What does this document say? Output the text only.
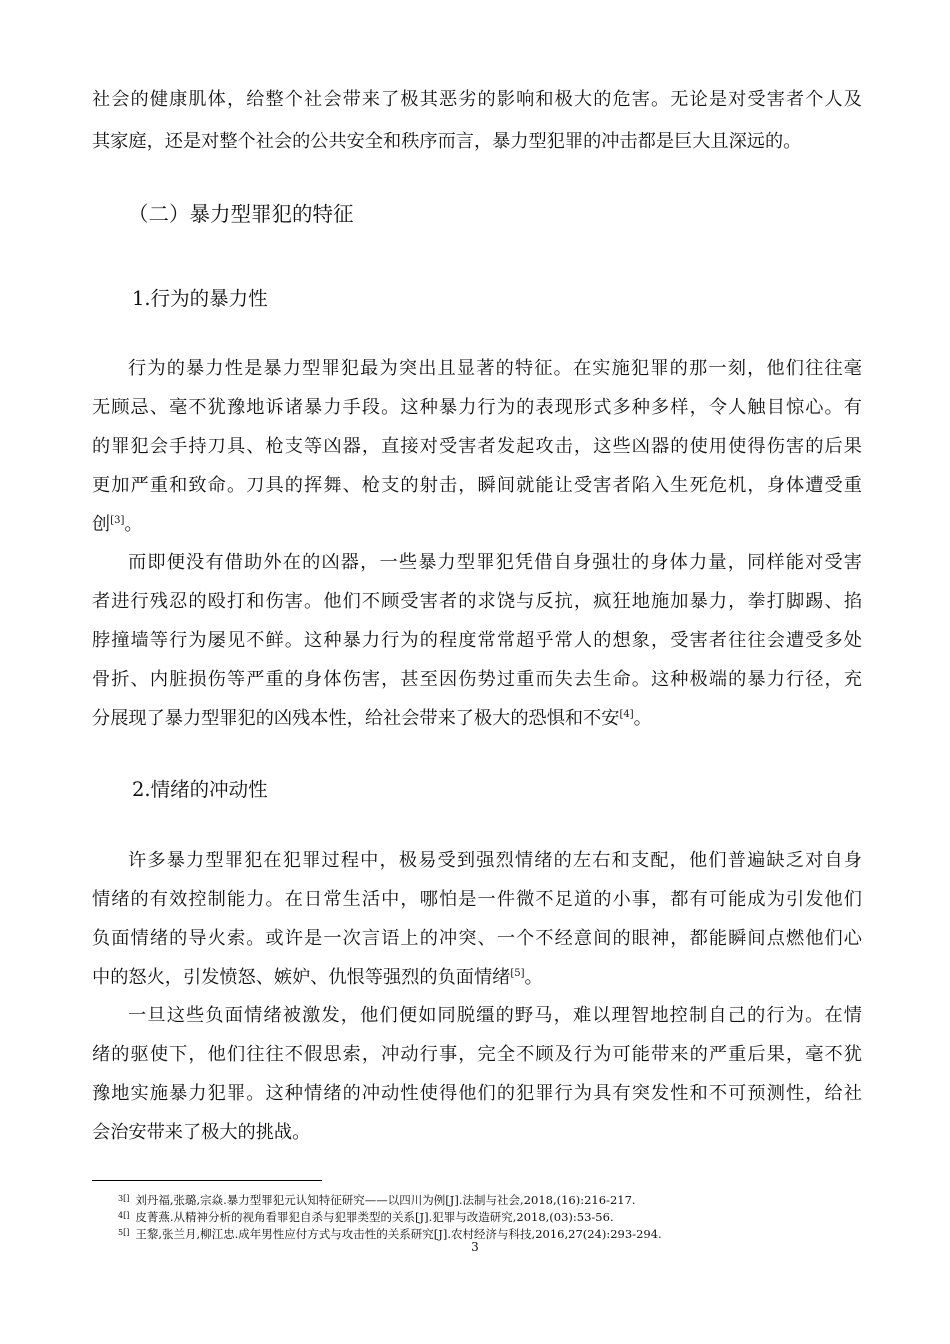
社会的健康肌体，给整个社会带来了极其恶劣的影响和极大的危害。无论是对受害者个人及
其家庭，还是对整个社会的公共安全和秩序而言，暴力型犯罪的冲击都是巨大且深远的。
（二）暴力型罪犯的特征
1.行为的暴力性
行为的暴力性是暴力型罪犯最为突出且显著的特征。在实施犯罪的那一刻，他们往往毫
无顾忌、毫不犹豫地诉诸暴力手段。这种暴力行为的表现形式多种多样，令人触目惊心。有
的罪犯会手持刀具、枪支等凶器，直接对受害者发起攻击，这些凶器的使用使得伤害的后果
更加严重和致命。刀具的挥舞、枪支的射击，瞬间就能让受害者陷入生死危机，身体遭受重
创[3]。
而即便没有借助外在的凶器，一些暴力型罪犯凭借自身强壮的身体力量，同样能对受害
者进行残忍的殴打和伤害。他们不顾受害者的求饶与反抗，疯狂地施加暴力，拳打脚踢、掐
脖撞墙等行为屡见不鲜。这种暴力行为的程度常常超乎常人的想象，受害者往往会遭受多处
骨折、内脏损伤等严重的身体伤害，甚至因伤势过重而失去生命。这种极端的暴力行径，充
分展现了暴力型罪犯的凶残本性，给社会带来了极大的恐惧和不安[4]。
2.情绪的冲动性
许多暴力型罪犯在犯罪过程中，极易受到强烈情绪的左右和支配，他们普遍缺乏对自身
情绪的有效控制能力。在日常生活中，哪怕是一件微不足道的小事，都有可能成为引发他们
负面情绪的导火索。或许是一次言语上的冲突、一个不经意间的眼神，都能瞬间点燃他们心
中的怒火，引发愤怒、嫉妒、仇恨等强烈的负面情绪[5]。
一旦这些负面情绪被激发，他们便如同脱缰的野马，难以理智地控制自己的行为。在情
绪的驱使下，他们往往不假思索，冲动行事，完全不顾及行为可能带来的严重后果，毫不犹
豫地实施暴力犯罪。这种情绪的冲动性使得他们的犯罪行为具有突发性和不可预测性，给社
会治安带来了极大的挑战。
$^{3[]}$ 刘丹福,张璐,宗焱.暴力型罪犯元认知特征研究——以四川为例[J].法制与社会,2018,(16):216-217.
$^{4[]}$ 皮菁燕.从精神分析的视角看罪犯自杀与犯罪类型的关系[J].犯罪与改造研究,2018,(03):53-56.
$^{5[]}$ 王黎,张兰月,柳江忠.成年男性应付方式与攻击性的关系研究[J].农村经济与科技,2016,27(24):293-294.
3
